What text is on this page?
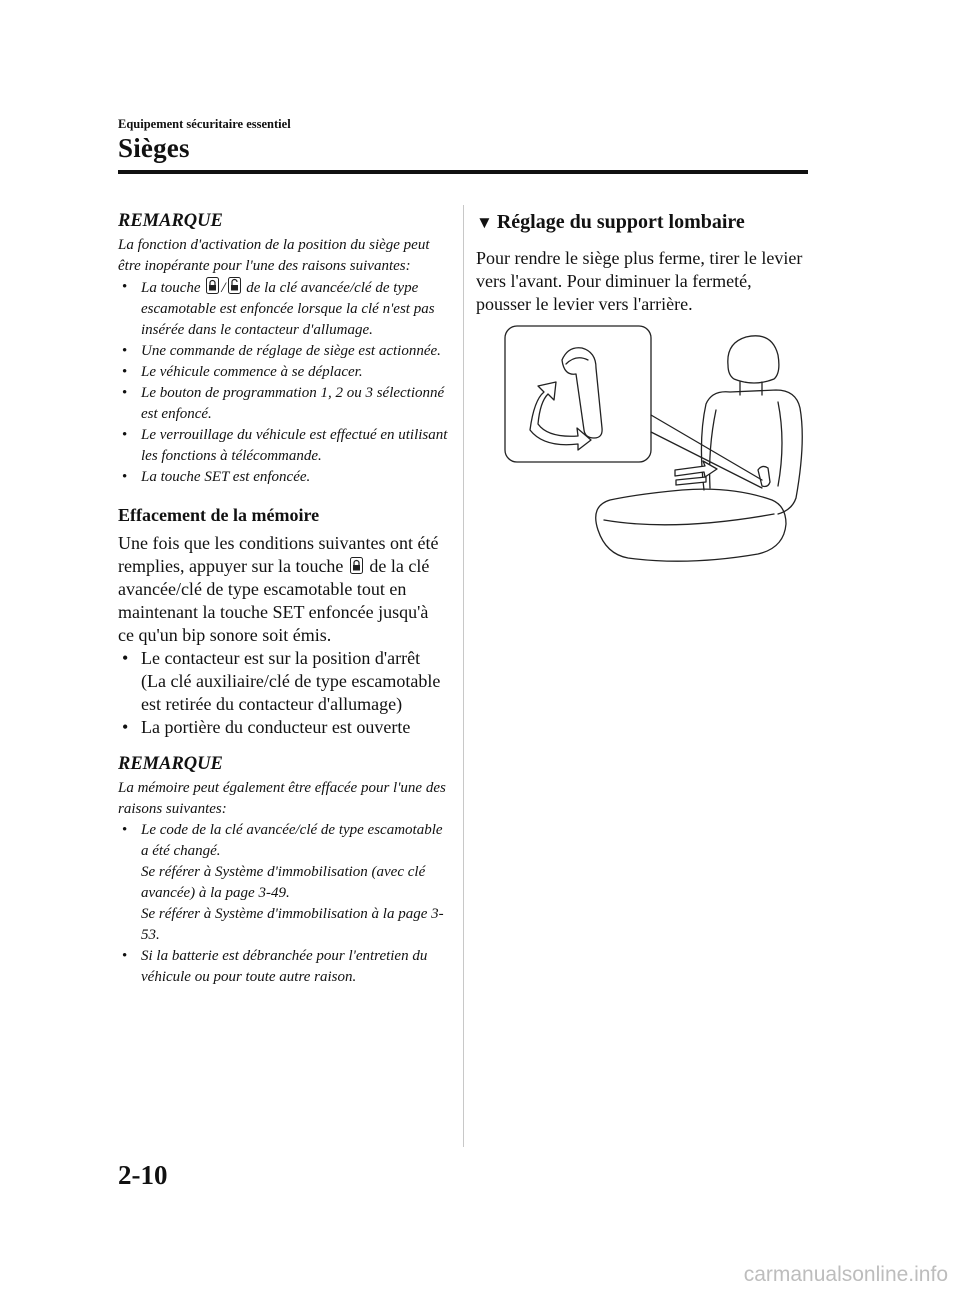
Equipement sécuritaire essentiel
Sièges

REMARQUE

La fonction d'activation de la position du siège peut être inopérante pour l'une des raisons suivantes:

• La touche / de la clé avancée/clé de type escamotable est enfoncée lorsque la clé n'est pas insérée dans le contacteur d'allumage.
• Une commande de réglage de siège est actionnée.
• Le véhicule commence à se déplacer.
• Le bouton de programmation 1, 2 ou 3 sélectionné est enfoncé.
• Le verrouillage du véhicule est effectué en utilisant les fonctions à télécommande.
• La touche SET est enfoncée.

Effacement de la mémoire

Une fois que les conditions suivantes ont été remplies, appuyer sur la touche de la clé avancée/clé de type escamotable tout en maintenant la touche SET enfoncée jusqu'à ce qu'un bip sonore soit émis.

• Le contacteur est sur la position d'arrêt (La clé auxiliaire/clé de type escamotable est retirée du contacteur d'allumage)
• La portière du conducteur est ouverte

REMARQUE

La mémoire peut également être effacée pour l'une des raisons suivantes:

• Le code de la clé avancée/clé de type escamotable a été changé.
Se référer à Système d'immobilisation (avec clé avancée) à la page 3-49.
Se référer à Système d'immobilisation à la page 3-53.
• Si la batterie est débranchée pour l'entretien du véhicule ou pour toute autre raison.

▼ Réglage du support lombaire

Pour rendre le siège plus ferme, tirer le levier vers l'avant. Pour diminuer la fermeté, pousser le levier vers l'arrière.

2-10
carmanualsonline.info
